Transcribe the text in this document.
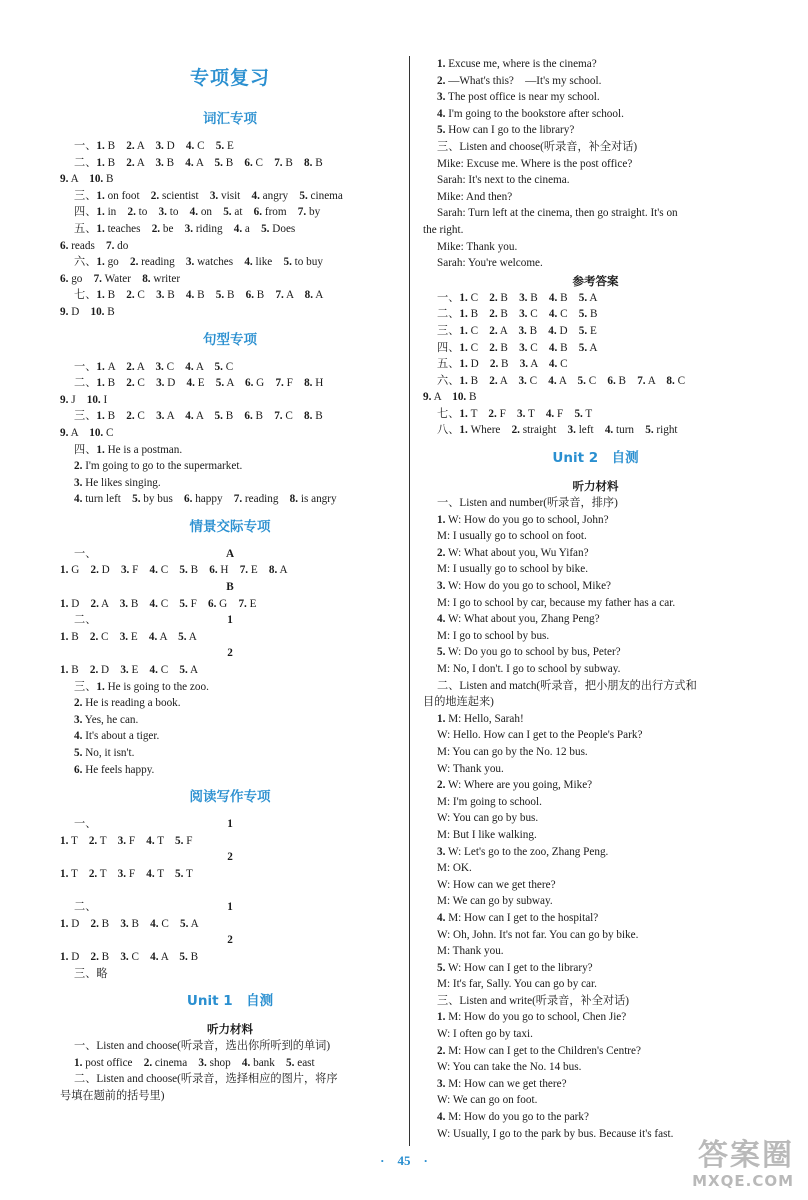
专项复习
词汇专项
一、1. B　2. A　3. D　4. C　5. E
二、1. B　2. A　3. B　4. A　5. B　6. C　7. B　8. B
9. A　10. B
三、1. on foot　2. scientist　3. visit　4. angry　5. cinema
四、1. in　2. to　3. to　4. on　5. at　6. from　7. by
五、1. teaches　2. be　3. riding　4. a　5. Does
6. reads　7. do
六、1. go　2. reading　3. watches　4. like　5. to buy
6. go　7. Water　8. writer
七、1. B　2. C　3. B　4. B　5. B　6. B　7. A　8. A
9. D　10. B
句型专项
一、1. A　2. A　3. C　4. A　5. C
二、1. B　2. C　3. D　4. E　5. A　6. G　7. F　8. H
9. J　10. I
三、1. B　2. C　3. A　4. A　5. B　6. B　7. C　8. B
9. A　10. C
四、1. He is a postman.
2. I'm going to go to the supermarket.
3. He likes singing.
4. turn left　5. by bus　6. happy　7. reading　8. is angry
情景交际专项
A
一、
1. G　2. D　3. F　4. C　5. B　6. H　7. E　8. A
B
1. D　2. A　3. B　4. C　5. F　6. G　7. E
1
二、
1. B　2. C　3. E　4. A　5. A
2
1. B　2. D　3. E　4. C　5. A
三、1. He is going to the zoo.
2. He is reading a book.
3. Yes, he can.
4. It's about a tiger.
5. No, it isn't.
6. He feels happy.
阅读写作专项
1
一、
1. T　2. T　3. F　4. T　5. F
2
1. T　2. T　3. F　4. T　5. T
1
二、
1. D　2. B　3. B　4. C　5. A
2
1. D　2. B　3. C　4. A　5. B
三、略
Unit 1　自测
听力材料
一、Listen and choose(听录音，选出你所听到的单词)
1. post office　2. cinema　3. shop　4. bank　5. east
二、Listen and choose(听录音，选择相应的图片，将序
号填在题前的括号里)
1. Excuse me, where is the cinema?
2. —What's this?　—It's my school.
3. The post office is near my school.
4. I'm going to the bookstore after school.
5. How can I go to the library?
三、Listen and choose(听录音，补全对话)
Mike: Excuse me. Where is the post office?
Sarah: It's next to the cinema.
Mike: And then?
Sarah: Turn left at the cinema, then go straight. It's on
the right.
Mike: Thank you.
Sarah: You're welcome.
参考答案
一、1. C　2. B　3. B　4. B　5. A
二、1. B　2. B　3. C　4. C　5. B
三、1. C　2. A　3. B　4. D　5. E
四、1. C　2. B　3. C　4. B　5. A
五、1. D　2. B　3. A　4. C
六、1. B　2. A　3. C　4. A　5. C　6. B　7. A　8. C
9. A　10. B
七、1. T　2. F　3. T　4. F　5. T
八、1. Where　2. straight　3. left　4. turn　5. right
Unit 2　自测
听力材料
一、Listen and number(听录音，排序)
1. W: How do you go to school, John?
M: I usually go to school on foot.
2. W: What about you, Wu Yifan?
M: I usually go to school by bike.
3. W: How do you go to school, Mike?
M: I go to school by car, because my father has a car.
4. W: What about you, Zhang Peng?
M: I go to school by bus.
5. W: Do you go to school by bus, Peter?
M: No, I don't. I go to school by subway.
二、Listen and match(听录音，把小朋友的出行方式和
目的地连起来)
1. M: Hello, Sarah!
W: Hello. How can I get to the People's Park?
M: You can go by the No. 12 bus.
W: Thank you.
2. W: Where are you going, Mike?
M: I'm going to school.
W: You can go by bus.
M: But I like walking.
3. W: Let's go to the zoo, Zhang Peng.
M: OK.
W: How can we get there?
M: We can go by subway.
4. M: How can I get to the hospital?
W: Oh, John. It's not far. You can go by bike.
M: Thank you.
5. W: How can I get to the library?
M: It's far, Sally. You can go by car.
三、Listen and write(听录音，补全对话)
1. M: How do you go to school, Chen Jie?
W: I often go by taxi.
2. M: How can I get to the Children's Centre?
W: You can take the No. 14 bus.
3. M: How can we get there?
W: We can go on foot.
4. M: How do you go to the park?
W: Usually, I go to the park by bus. Because it's fast.
·　45　·	答案圈
MXQE.COM
